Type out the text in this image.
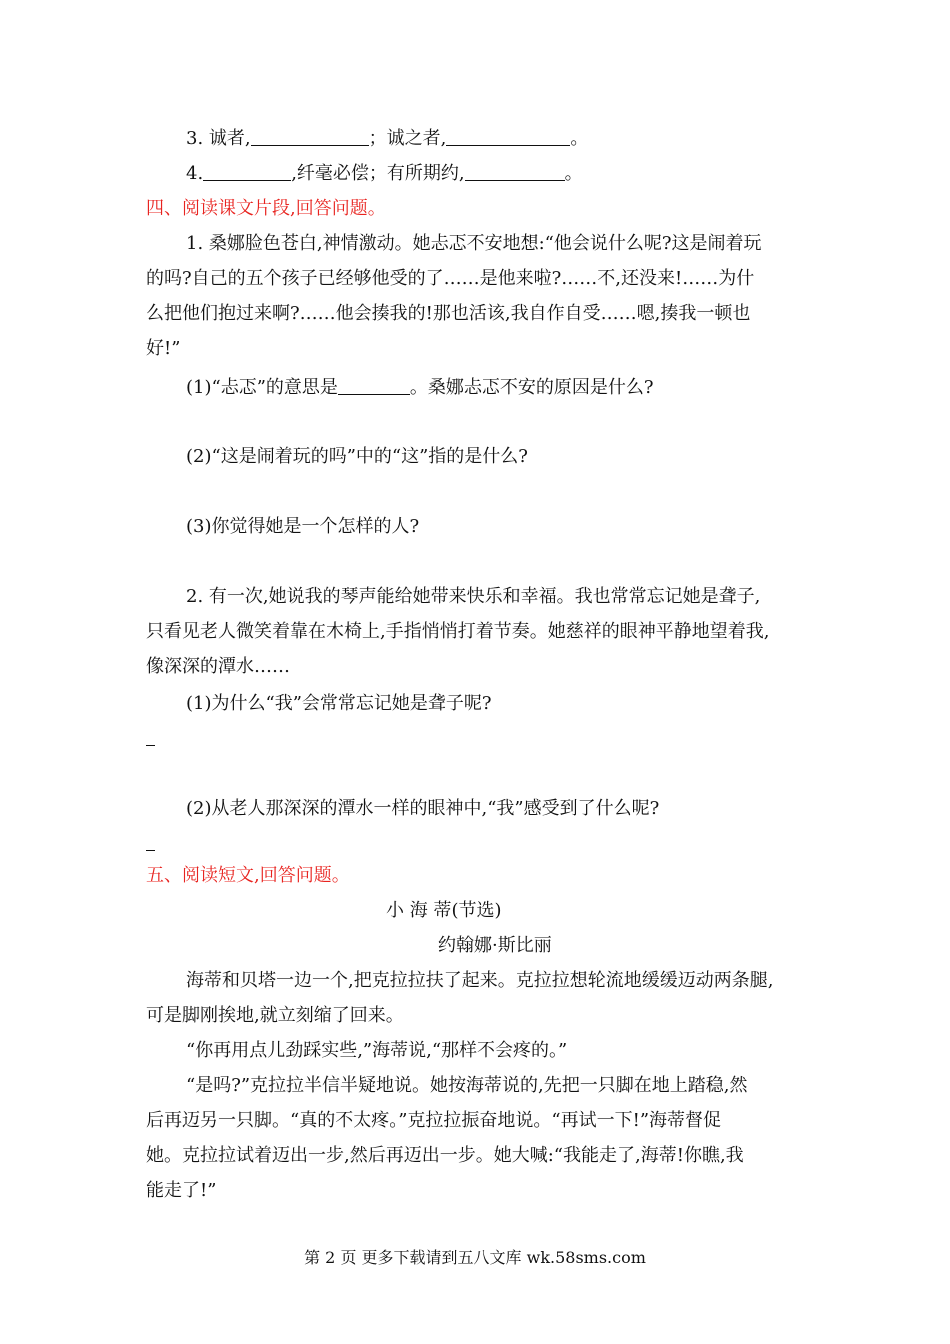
3. 诚者,	；诚之者,	。
4.	,纤毫必偿；有所期约,	。
四、阅读课文片段,回答问题。
1. 桑娜脸色苍白,神情激动。她忐忑不安地想:“他会说什么呢?这是闹着玩
的吗?自己的五个孩子已经够他受的了……是他来啦?……不,还没来!……为什
么把他们抱过来啊?……他会揍我的!那也活该,我自作自受……嗯,揍我一顿也
好!”
(1)“忐忑”的意思是	。桑娜忐忑不安的原因是什么?
(2)“这是闹着玩的吗”中的“这”指的是什么?
(3)你觉得她是一个怎样的人?
2. 有一次,她说我的琴声能给她带来快乐和幸福。我也常常忘记她是聋子,
只看见老人微笑着靠在木椅上,手指悄悄打着节奏。她慈祥的眼神平静地望着我,
像深深的潭水……
(1)为什么“我”会常常忘记她是聋子呢?
(2)从老人那深深的潭水一样的眼神中,“我”感受到了什么呢?
五、阅读短文,回答问题。
小 海 蒂(节选)
约翰娜·斯比丽
海蒂和贝塔一边一个,把克拉拉扶了起来。克拉拉想轮流地缓缓迈动两条腿,
可是脚刚挨地,就立刻缩了回来。
“你再用点儿劲踩实些,”海蒂说,“那样不会疼的。”
“是吗?”克拉拉半信半疑地说。她按海蒂说的,先把一只脚在地上踏稳,然
后再迈另一只脚。“真的不太疼。”克拉拉振奋地说。“再试一下!”海蒂督促
她。克拉拉试着迈出一步,然后再迈出一步。她大喊:“我能走了,海蒂!你瞧,我
能走了!”
第 2 页 更多下载请到五八文库 wk.58sms.com
